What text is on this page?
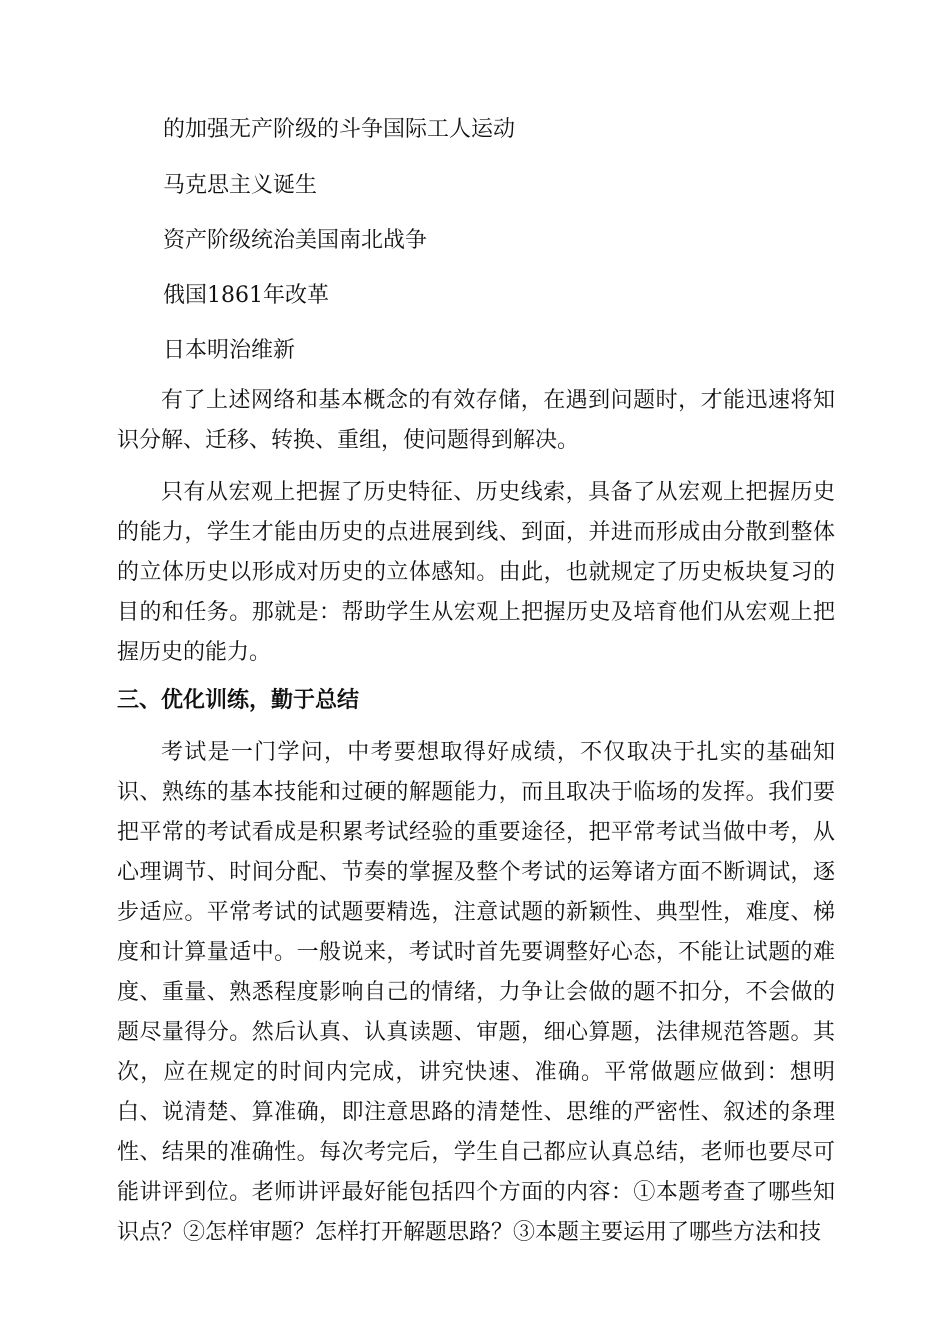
的加强无产阶级的斗争国际工人运动
马克思主义诞生
资产阶级统治美国南北战争
俄国1861年改革
日本明治维新
有了上述网络和基本概念的有效存储，在遇到问题时，才能迅速将知识分解、迁移、转换、重组，使问题得到解决。
只有从宏观上把握了历史特征、历史线索，具备了从宏观上把握历史的能力，学生才能由历史的点进展到线、到面，并进而形成由分散到整体的立体历史以形成对历史的立体感知。由此，也就规定了历史板块复习的目的和任务。那就是：帮助学生从宏观上把握历史及培育他们从宏观上把握历史的能力。
三、优化训练，勤于总结
考试是一门学问，中考要想取得好成绩，不仅取决于扎实的基础知识、熟练的基本技能和过硬的解题能力，而且取决于临场的发挥。我们要把平常的考试看成是积累考试经验的重要途径，把平常考试当做中考，从心理调节、时间分配、节奏的掌握及整个考试的运筹诸方面不断调试，逐步适应。平常考试的试题要精选，注意试题的新颖性、典型性，难度、梯度和计算量适中。一般说来，考试时首先要调整好心态，不能让试题的难度、重量、熟悉程度影响自己的情绪，力争让会做的题不扣分，不会做的题尽量得分。然后认真、认真读题、审题，细心算题，法律规范答题。其次，应在规定的时间内完成，讲究快速、准确。平常做题应做到：想明白、说清楚、算准确，即注意思路的清楚性、思维的严密性、叙述的条理性、结果的准确性。每次考完后，学生自己都应认真总结，老师也要尽可能讲评到位。老师讲评最好能包括四个方面的内容：①本题考查了哪些知识点？②怎样审题？怎样打开解题思路？③本题主要运用了哪些方法和技
